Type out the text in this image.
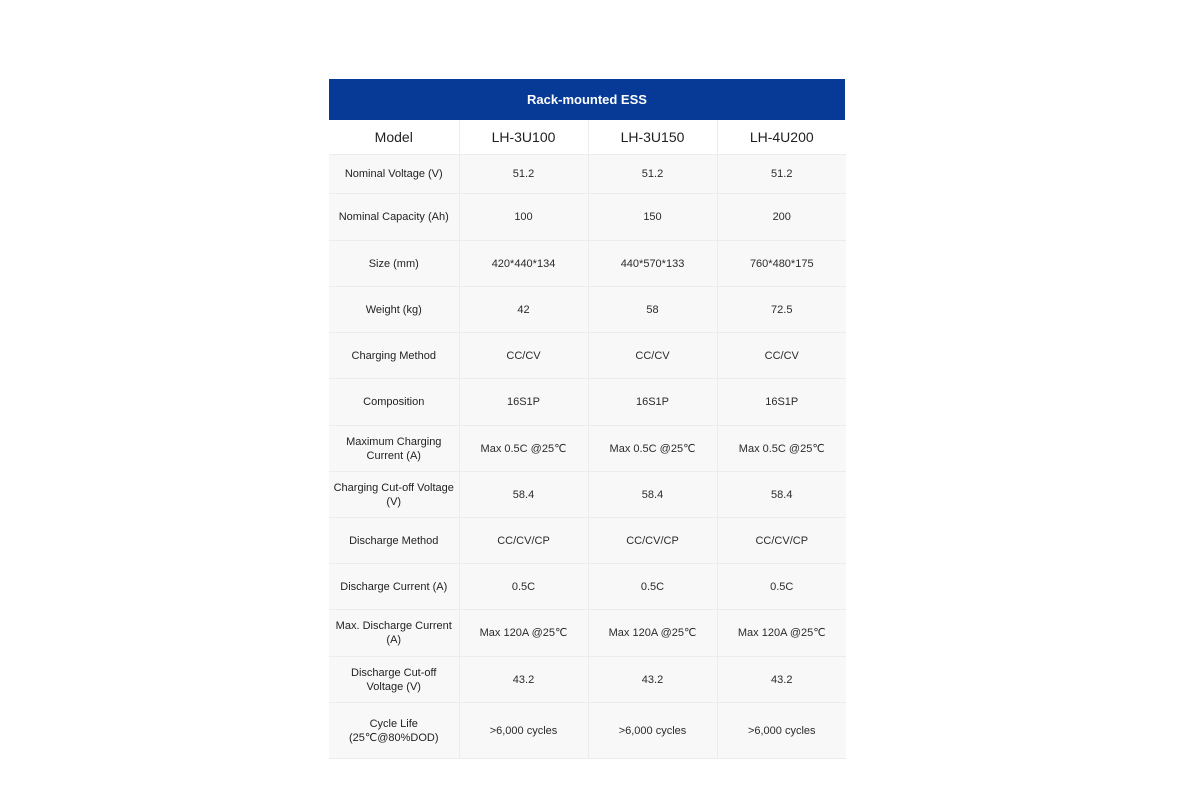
Rack-mounted ESS
Model	LH-3U100	LH-3U150	LH-4U200
Nominal Voltage (V)	51.2	51.2	51.2
Nominal Capacity (Ah)	100	150	200
Size (mm)	420*440*134	440*570*133	760*480*175
Weight (kg)	42	58	72.5
Charging Method	CC/CV	CC/CV	CC/CV
Composition	16S1P	16S1P	16S1P
Maximum Charging Current (A)	Max 0.5C @25℃	Max 0.5C @25℃	Max 0.5C @25℃
Charging Cut-off Voltage (V)	58.4	58.4	58.4
Discharge Method	CC/CV/CP	CC/CV/CP	CC/CV/CP
Discharge Current (A)	0.5C	0.5C	0.5C
Max. Discharge Current (A)	Max 120A @25℃	Max 120A @25℃	Max 120A @25℃
Discharge Cut-off Voltage (V)	43.2	43.2	43.2
Cycle Life (25℃@80%DOD)	>6,000 cycles	>6,000 cycles	>6,000 cycles
